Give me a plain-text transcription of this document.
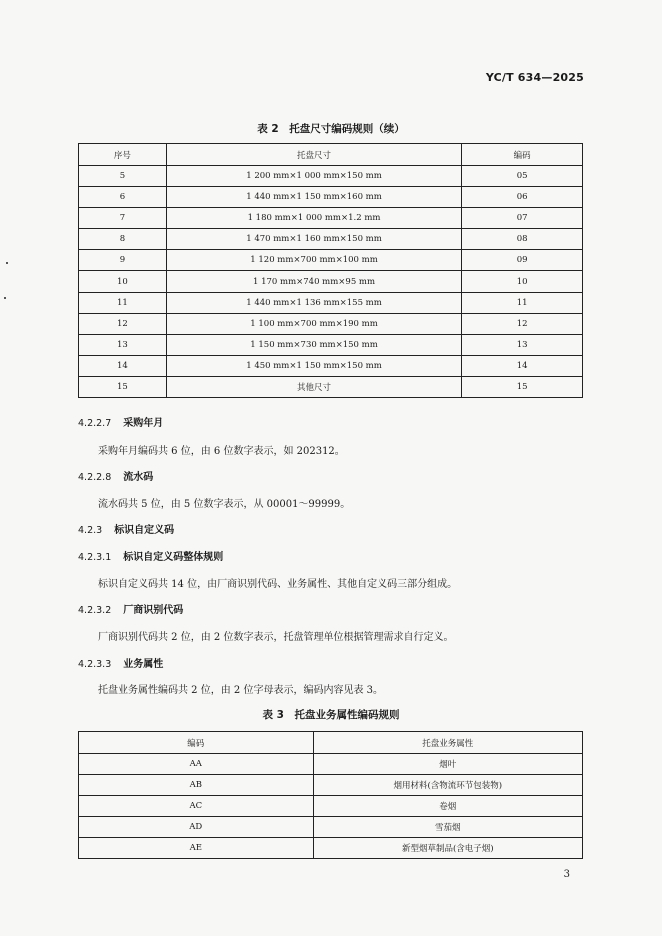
YC/T 634—2025
表 2　托盘尺寸编码规则（续）
序号	托盘尺寸	编码
5	1 200 mm×1 000 mm×150 mm	05
6	1 440 mm×1 150 mm×160 mm	06
7	1 180 mm×1 000 mm×1.2 mm	07
8	1 470 mm×1 160 mm×150 mm	08
9	1 120 mm×700 mm×100 mm	09
10	1 170 mm×740 mm×95 mm	10
11	1 440 mm×1 136 mm×155 mm	11
12	1 100 mm×700 mm×190 mm	12
13	1 150 mm×730 mm×150 mm	13
14	1 450 mm×1 150 mm×150 mm	14
15	其他尺寸	15
4.2.2.7 采购年月
采购年月编码共 6 位，由 6 位数字表示，如 202312。
4.2.2.8 流水码
流水码共 5 位，由 5 位数字表示，从 00001～99999。
4.2.3 标识自定义码
4.2.3.1 标识自定义码整体规则
标识自定义码共 14 位，由厂商识别代码、业务属性、其他自定义码三部分组成。
4.2.3.2 厂商识别代码
厂商识别代码共 2 位，由 2 位数字表示，托盘管理单位根据管理需求自行定义。
4.2.3.3 业务属性
托盘业务属性编码共 2 位，由 2 位字母表示，编码内容见表 3。
表 3　托盘业务属性编码规则
编码	托盘业务属性
AA	烟叶
AB	烟用材料(含物流环节包装物)
AC	卷烟
AD	雪茄烟
AE	新型烟草制品(含电子烟)
3
